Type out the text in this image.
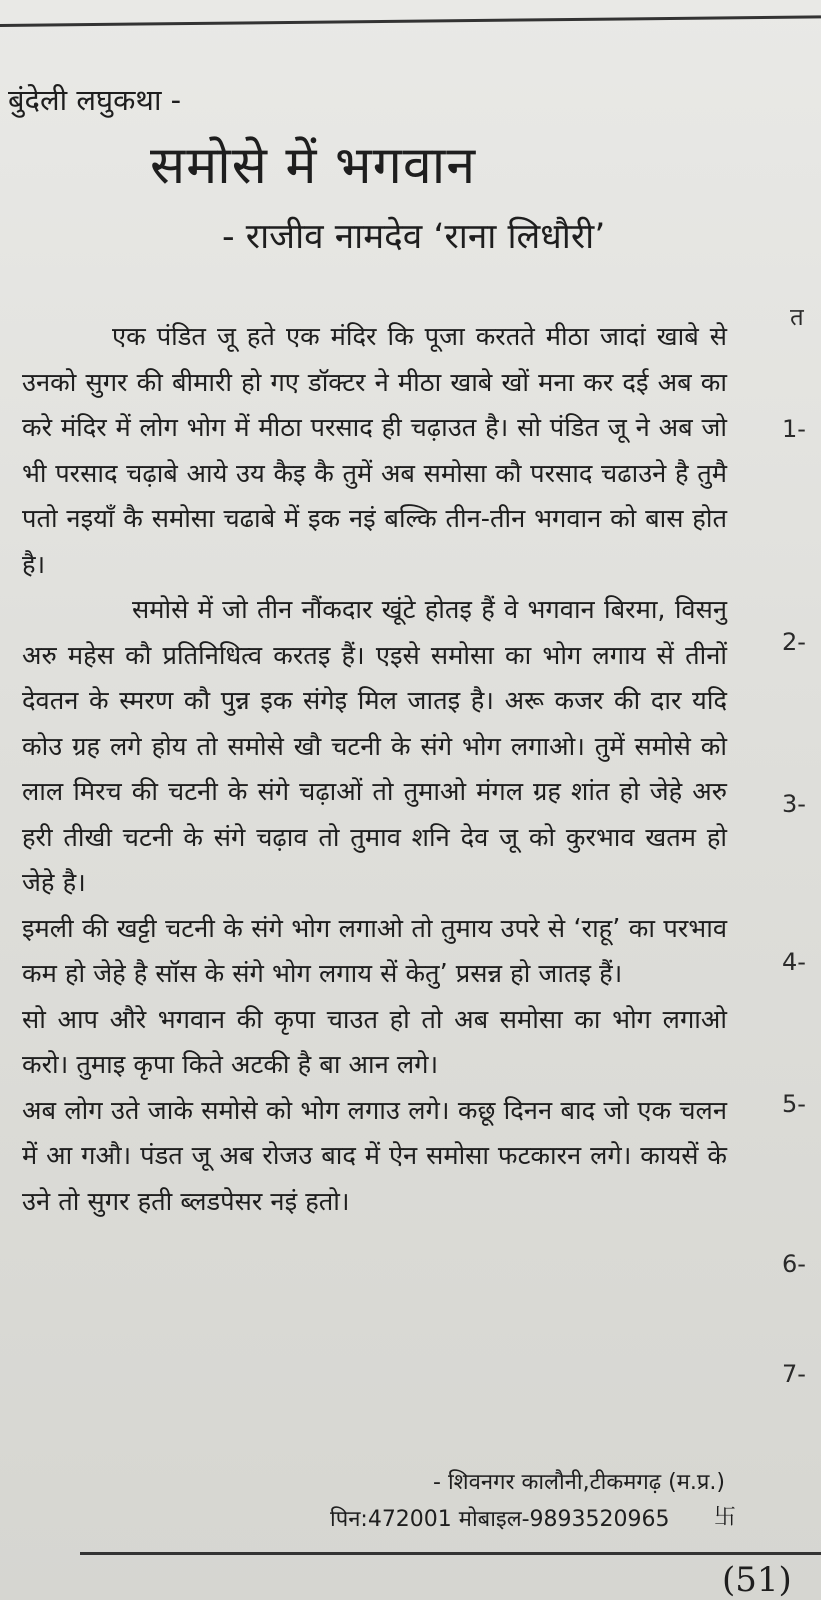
बुंदेली लघुकथा -
समोसे में भगवान
- राजीव नामदेव ‘राना लिधौरी’

एक पंडित जू हते एक मंदिर कि पूजा करतते मीठा जादां खाबे से उनको सुगर की बीमारी हो गए डॉक्टर ने मीठा खाबे खों मना कर दई अब का करे मंदिर में लोग भोग में मीठा परसाद ही चढ़ाउत है। सो पंडित जू ने अब जो भी परसाद चढ़ाबे आये उय कैइ कै तुमें अब समोसा कौ परसाद चढाउने है तुमै पतो नइयाँ कै समोसा चढाबे में इक नइं बल्कि तीन-तीन भगवान को बास होत है।

समोसे में जो तीन नौंकदार खूंटे होतइ हैं वे भगवान बिरमा, विसनु अरु महेस कौ प्रतिनिधित्व करतइ हैं। एइसे समोसा का भोग लगाय सें तीनों देवतन के स्मरण कौ पुन्न इक संगेइ मिल जातइ है। अरू कजर की दार यदि कोउ ग्रह लगे होय तो समोसे खौ चटनी के संगे भोग लगाओ। तुमें समोसे को लाल मिरच की चटनी के संगे चढ़ाओं तो तुमाओ मंगल ग्रह शांत हो जेहे अरु हरी तीखी चटनी के संगे चढ़ाव तो तुमाव शनि देव जू को कुरभाव खतम हो जेहे है।

इमली की खट्टी चटनी के संगे भोग लगाओ तो तुमाय उपरे से ‘राहू’ का परभाव कम हो जेहे है सॉस के संगे भोग लगाय सें केतु’ प्रसन्न हो जातइ हैं।

सो आप औरे भगवान की कृपा चाउत हो तो अब समोसा का भोग लगाओ करो। तुमाइ कृपा किते अटकी है बा आन लगे।

अब लोग उते जाके समोसे को भोग लगाउ लगे। कछू दिनन बाद जो एक चलन में आ गऔ। पंडत जू अब रोजउ बाद में ऐन समोसा फटकारन लगे। कायसें के उने तो सुगर हती ब्लडपेसर नइं हतो।

- शिवनगर कालौनी,टीकमगढ़ (म.प्र.)
पिन:472001 मोबाइल-9893520965 卐
(51)
त
1-
2-
3-
4-
5-
6-
7-
